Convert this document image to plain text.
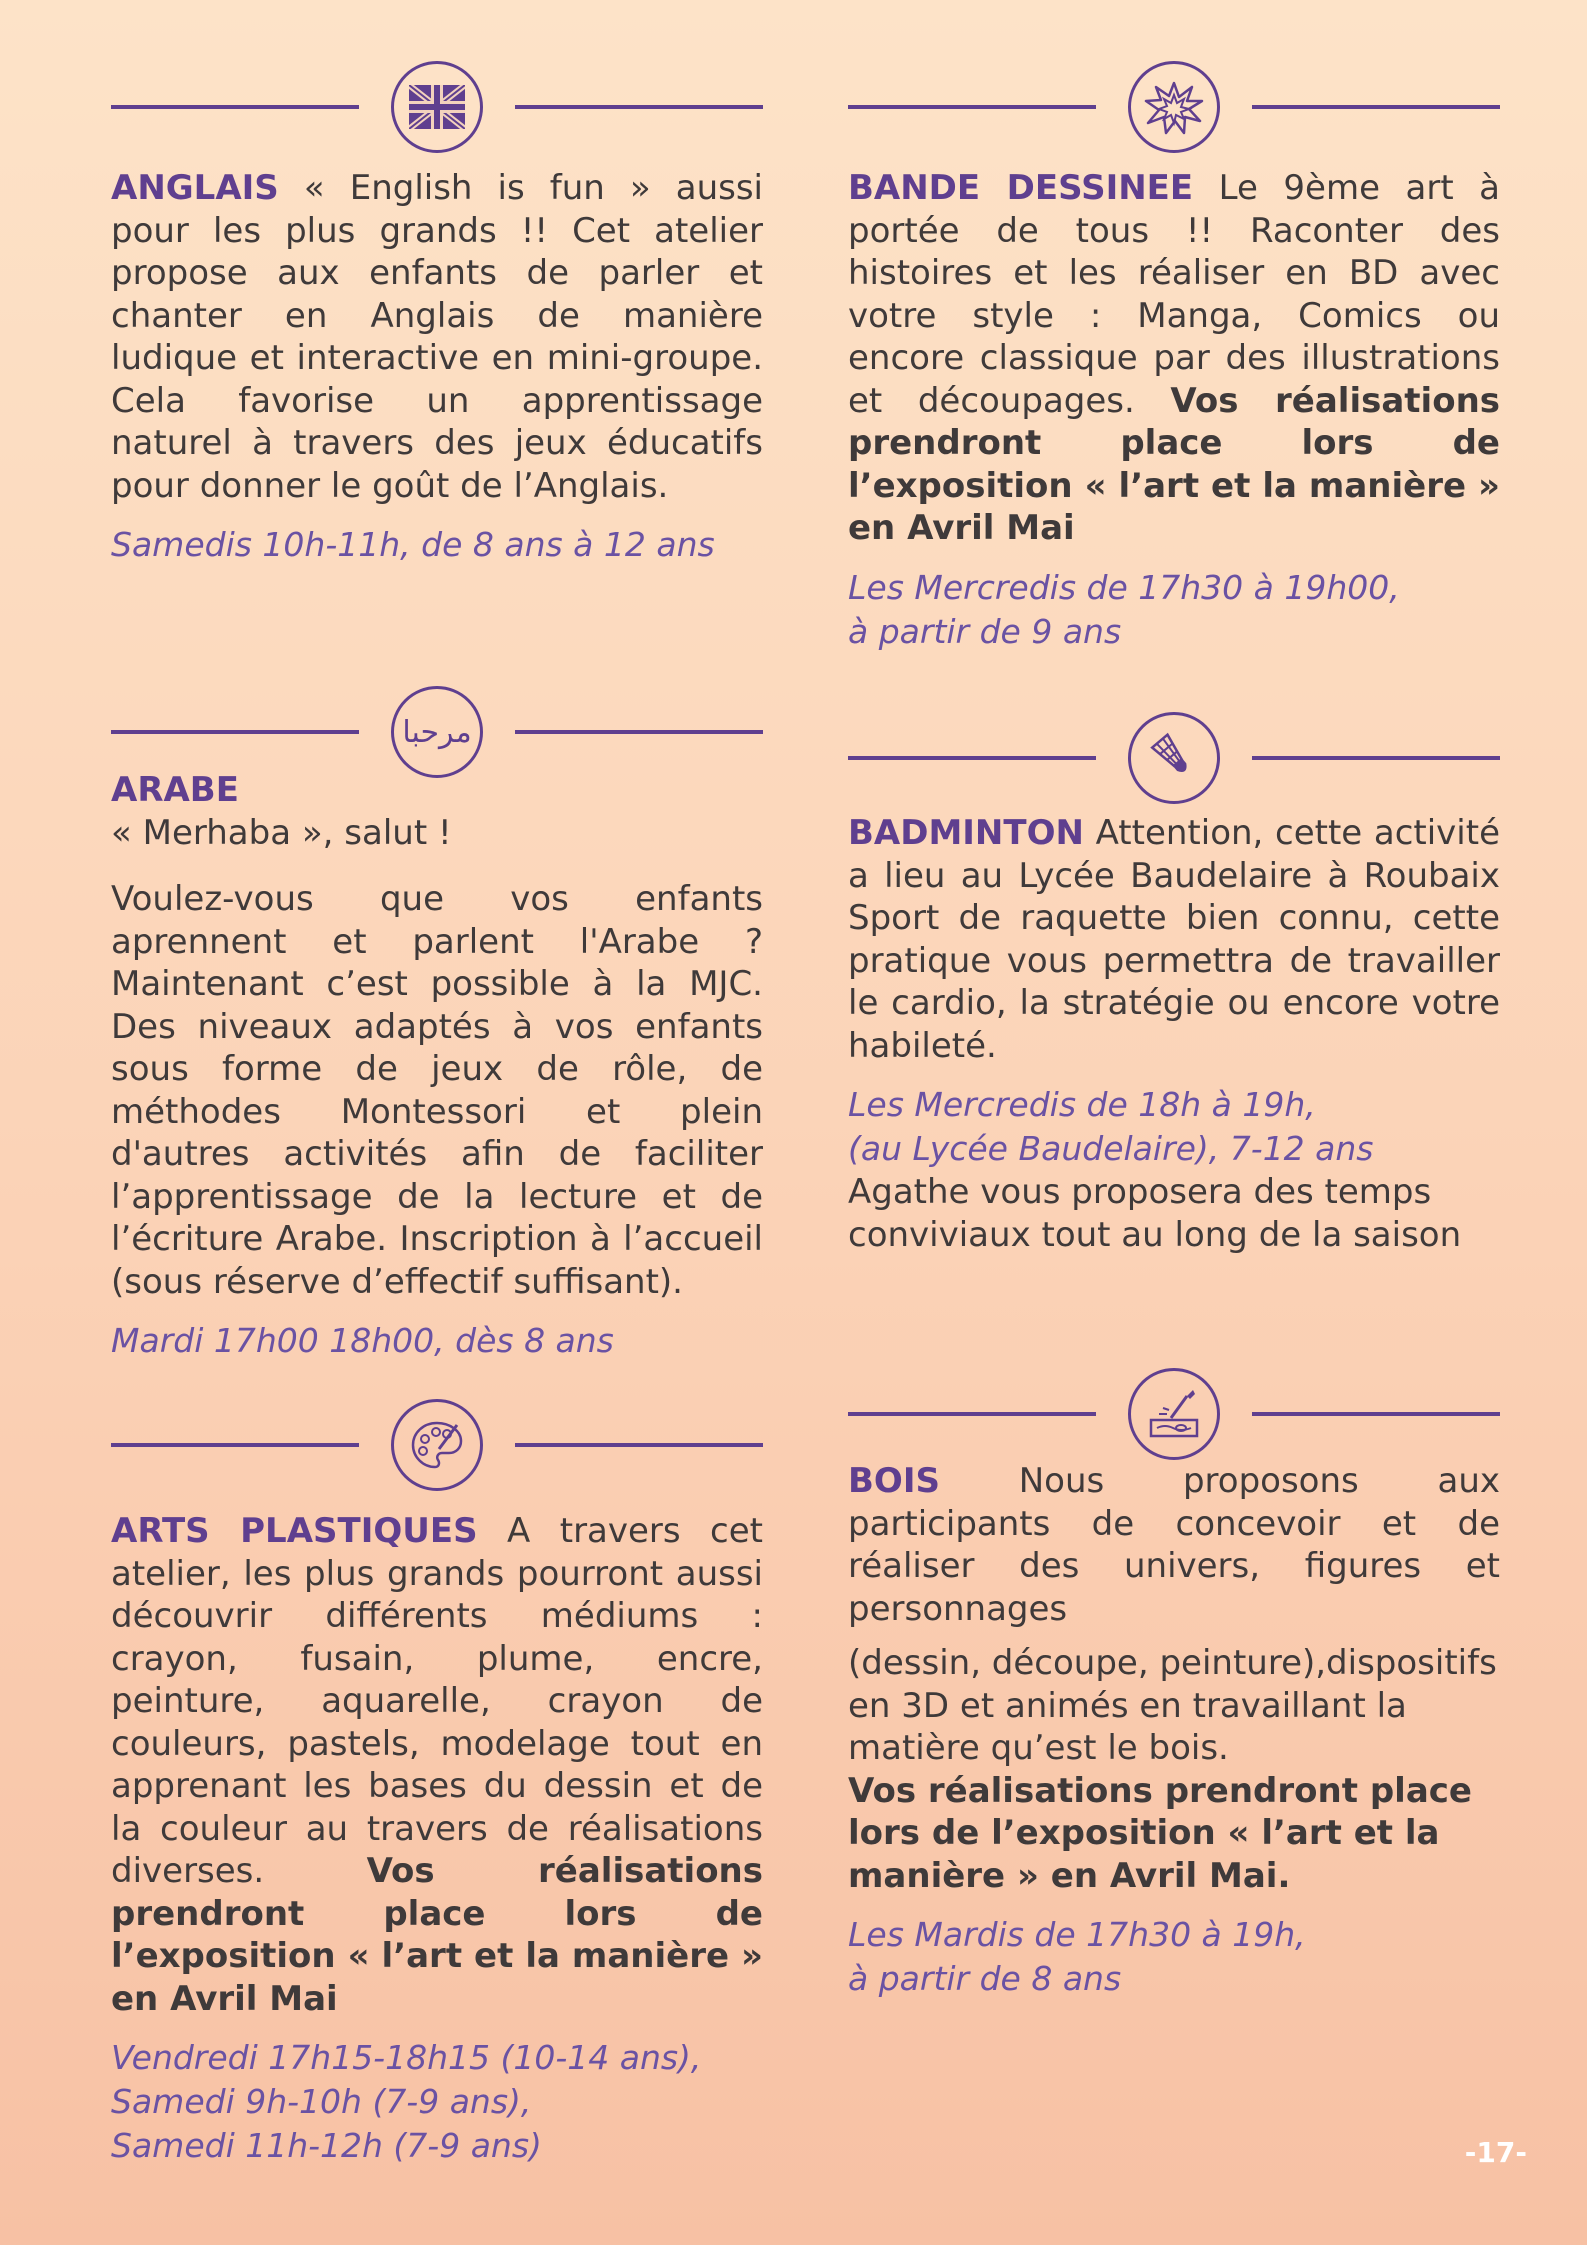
ANGLAIS « English is fun » aussi pour les plus grands !! Cet atelier propose aux enfants de parler et chanter en Anglais de manière ludique et interactive en mini-groupe. Cela favorise un apprentissage naturel à travers des jeux éducatifs pour donner le goût de l’Anglais.

Samedis 10h-11h, de 8 ans à 12 ans

BANDE DESSINEE Le 9ème art à portée de tous !! Raconter des histoires et les réaliser en BD avec votre style : Manga, Comics ou encore classique par des illustrations et découpages. Vos réalisations prendront place lors de l’exposition « l’art et la manière » en Avril Mai

Les Mercredis de 17h30 à 19h00,

à partir de 9 ans

مرحبا

ARABE

« Merhaba », salut !

Voulez-vous que vos enfants aprennent et parlent l'Arabe ? Maintenant c’est possible à la MJC. Des niveaux adaptés à vos enfants sous forme de jeux de rôle, de méthodes Montessori et plein d'autres activités afin de faciliter l’apprentissage de la lecture et de l’écriture Arabe. Inscription à l’accueil (sous réserve d’effectif suffisant).

Mardi 17h00 18h00, dès 8 ans

BADMINTON Attention, cette activité a lieu au Lycée Baudelaire à Roubaix Sport de raquette bien connu, cette pratique vous permettra de travailler le cardio, la stratégie ou encore votre habileté.

Les Mercredis de 18h à 19h,

(au Lycée Baudelaire), 7-12 ans

Agathe vous proposera des temps conviviaux tout au long de la saison

ARTS PLASTIQUES A travers cet atelier, les plus grands pourront aussi découvrir différents médiums : crayon, fusain, plume, encre, peinture, aquarelle, crayon de couleurs, pastels, modelage tout en apprenant les bases du dessin et de la couleur au travers de réalisations diverses.	Vos réalisations prendront place lors de l’exposition « l’art et la manière » en Avril Mai

Vendredi 17h15-18h15 (10-14 ans),

Samedi 9h-10h (7-9 ans),

Samedi 11h-12h (7-9 ans)

BOIS Nous proposons aux participants de concevoir et de réaliser des univers, figures et personnages

(dessin, découpe, peinture),dispositifs en 3D et animés en travaillant la matière qu’est le bois.

Vos réalisations prendront place lors de l’exposition « l’art et la manière » en Avril Mai.

Les Mardis de 17h30 à 19h,

à partir de 8 ans

-17-
